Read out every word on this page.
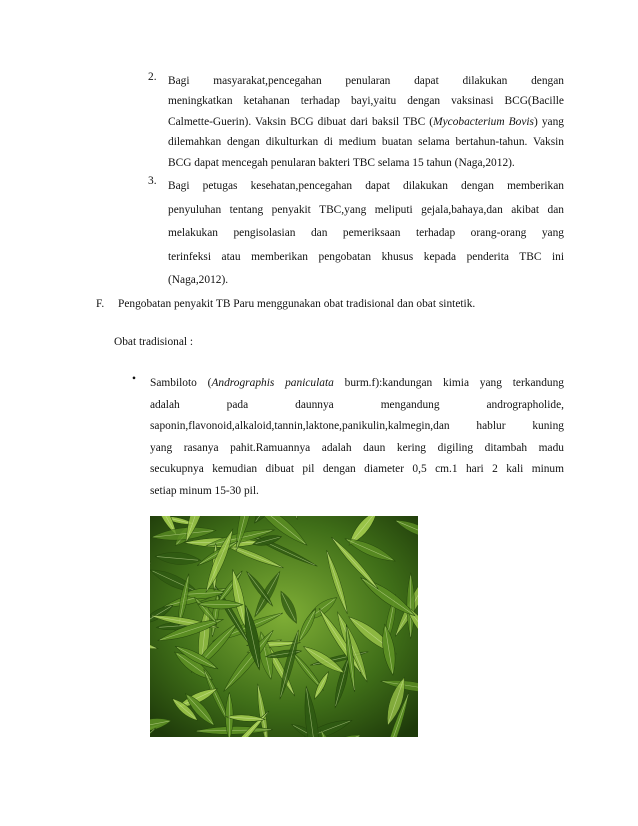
2. Bagi masyarakat,pencegahan penularan dapat dilakukan dengan

meningkatkan ketahanan terhadap bayi,yaitu dengan vaksinasi BCG(Bacille

Calmette-Guerin). Vaksin BCG dibuat dari baksil TBC (Mycobacterium Bovis) yang

dilemahkan dengan dikulturkan di medium buatan selama bertahun-tahun. Vaksin

BCG dapat mencegah penularan bakteri TBC selama 15 tahun (Naga,2012).

3. Bagi petugas kesehatan,pencegahan dapat dilakukan dengan memberikan

penyuluhan tentang penyakit TBC,yang meliputi gejala,bahaya,dan akibat dan

melakukan pengisolasian dan pemeriksaan terhadap orang-orang yang

terinfeksi atau memberikan pengobatan khusus kepada penderita TBC ini

(Naga,2012).

F. Pengobatan penyakit TB Paru menggunakan obat tradisional dan obat sintetik.
Obat tradisional :
• Sambiloto (Andrographis paniculata burm.f):kandungan kimia yang terkandung

adalah pada daunnya mengandung andrographolide,

saponin,flavonoid,alkaloid,tannin,laktone,panikulin,kalmegin,dan hablur kuning

yang rasanya pahit.Ramuannya adalah daun kering digiling ditambah madu

secukupnya kemudian dibuat pil dengan diameter 0,5 cm.1 hari 2 kali minum

setiap minum 15-30 pil.
